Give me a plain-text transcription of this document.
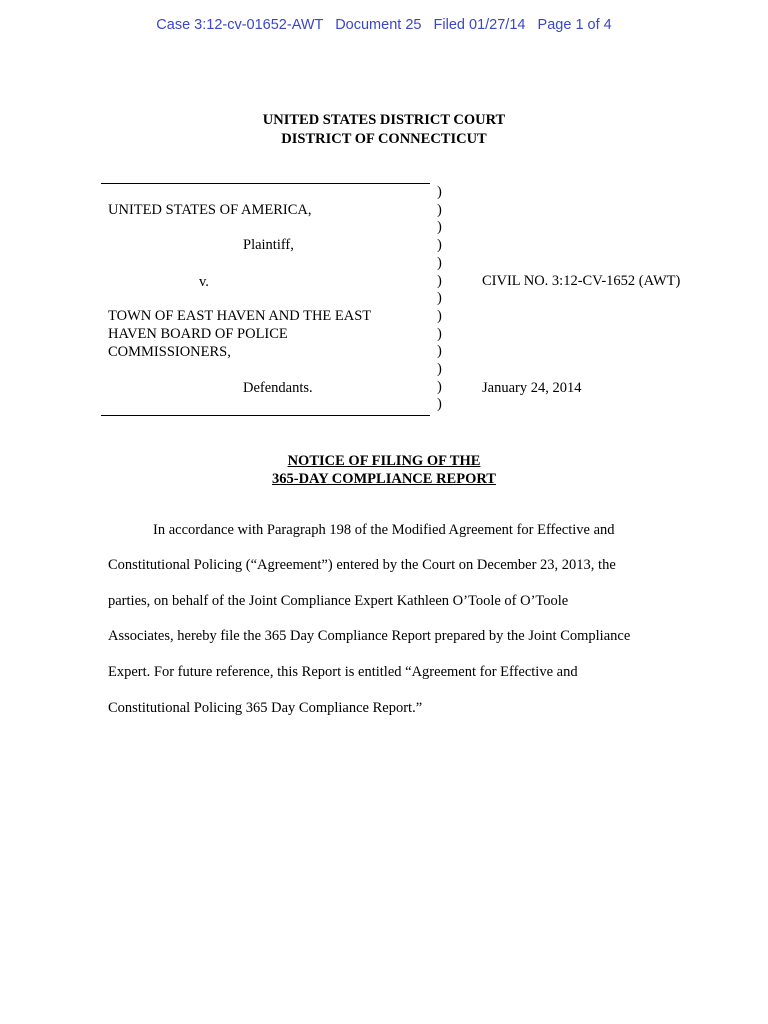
Case 3:12-cv-01652-AWT Document 25 Filed 01/27/14 Page 1 of 4
UNITED STATES DISTRICT COURT
DISTRICT OF CONNECTICUT
)
)
)
)
)
)
)
)
)
)
)
)
)
UNITED STATES OF AMERICA,
Plaintiff,
v.
TOWN OF EAST HAVEN AND THE EAST
HAVEN BOARD OF POLICE
COMMISSIONERS,
Defendants.
CIVIL NO. 3:12-CV-1652 (AWT)
January 24, 2014
NOTICE OF FILING OF THE
365-DAY COMPLIANCE REPORT
In accordance with Paragraph 198 of the Modified Agreement for Effective and
Constitutional Policing (“Agreement”) entered by the Court on December 23, 2013, the
parties, on behalf of the Joint Compliance Expert Kathleen O’Toole of O’Toole
Associates, hereby file the 365 Day Compliance Report prepared by the Joint Compliance
Expert. For future reference, this Report is entitled “Agreement for Effective and
Constitutional Policing 365 Day Compliance Report.”
